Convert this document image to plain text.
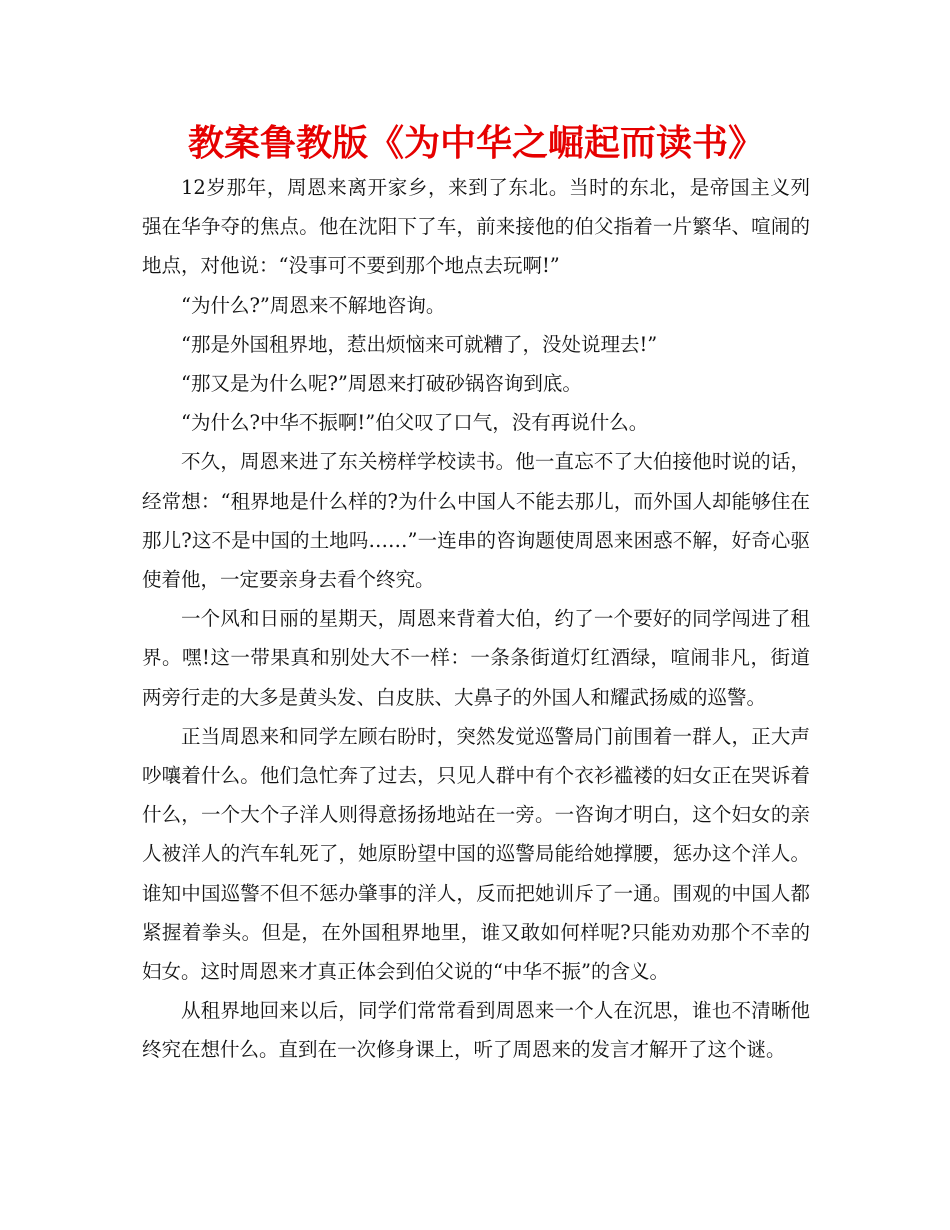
教案鲁教版《为中华之崛起而读书》

12岁那年，周恩来离开家乡，来到了东北。当时的东北，是帝国主义列强在华争夺的焦点。他在沈阳下了车，前来接他的伯父指着一片繁华、喧闹的地点，对他说：“没事可不要到那个地点去玩啊!”

“为什么?”周恩来不解地咨询。

“那是外国租界地，惹出烦恼来可就糟了，没处说理去!”

“那又是为什么呢?”周恩来打破砂锅咨询到底。

“为什么?中华不振啊!”伯父叹了口气，没有再说什么。

不久，周恩来进了东关榜样学校读书。他一直忘不了大伯接他时说的话，经常想：“租界地是什么样的?为什么中国人不能去那儿，而外国人却能够住在那儿?这不是中国的土地吗……”一连串的咨询题使周恩来困惑不解，好奇心驱使着他，一定要亲身去看个终究。

一个风和日丽的星期天，周恩来背着大伯，约了一个要好的同学闯进了租界。嘿!这一带果真和别处大不一样：一条条街道灯红酒绿，喧闹非凡，街道两旁行走的大多是黄头发、白皮肤、大鼻子的外国人和耀武扬威的巡警。

正当周恩来和同学左顾右盼时，突然发觉巡警局门前围着一群人，正大声吵嚷着什么。他们急忙奔了过去，只见人群中有个衣衫褴褛的妇女正在哭诉着什么，一个大个子洋人则得意扬扬地站在一旁。一咨询才明白，这个妇女的亲人被洋人的汽车轧死了，她原盼望中国的巡警局能给她撑腰，惩办这个洋人。谁知中国巡警不但不惩办肇事的洋人，反而把她训斥了一通。围观的中国人都紧握着拳头。但是，在外国租界地里，谁又敢如何样呢?只能劝劝那个不幸的妇女。这时周恩来才真正体会到伯父说的“中华不振”的含义。

从租界地回来以后，同学们常常看到周恩来一个人在沉思，谁也不清晰他终究在想什么。直到在一次修身课上，听了周恩来的发言才解开了这个谜。
